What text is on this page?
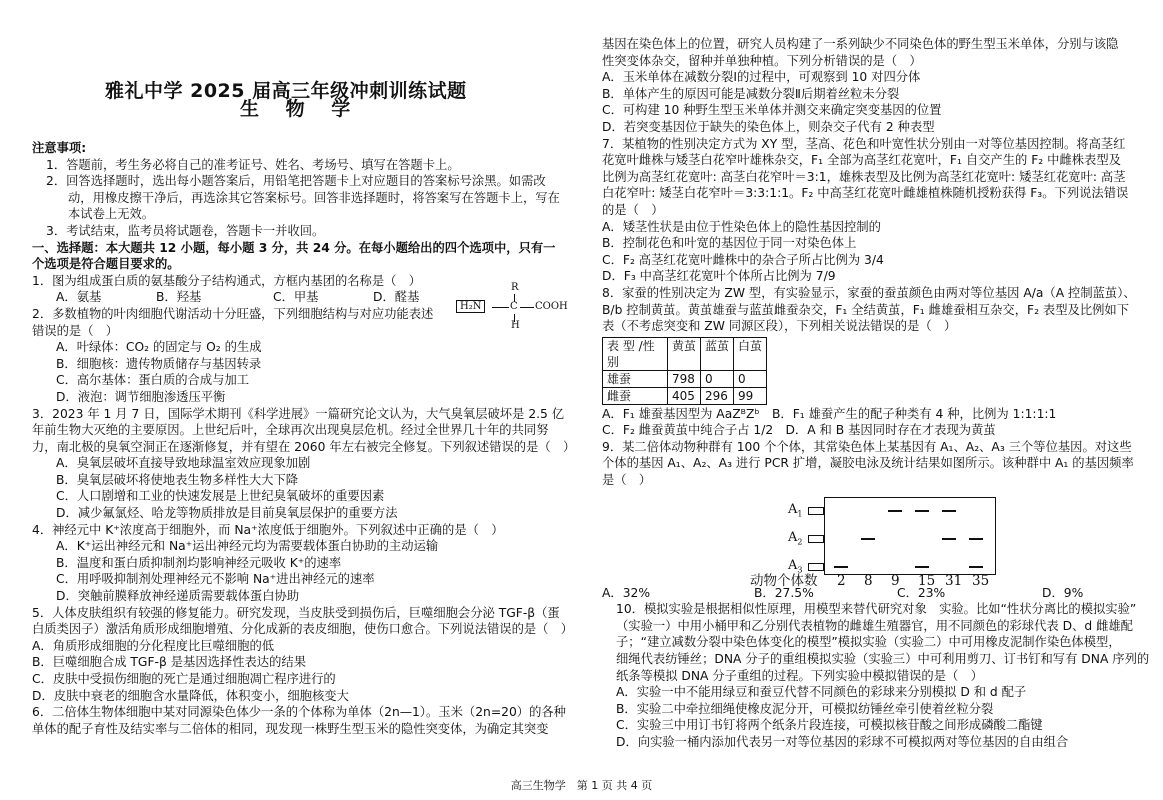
雅礼中学 2025 届高三年级冲刺训练试题
生 物 学
注意事项:
1．答题前，考生务必将自己的准考证号、姓名、考场号、填写在答题卡上。
2．回答选择题时，选出每小题答案后，用铅笔把答题卡上对应题目的答案标号涂黑。如需改
动，用橡皮擦干净后，再选涂其它答案标号。回答非选择题时，将答案写在答题卡上，写在
本试卷上无效。
3．考试结束，监考员将试题卷，答题卡一并收回。
一、选择题：本大题共 12 小题，每小题 3 分，共 24 分。在每小题给出的四个选项中，只有一
个选项是符合题目要求的。
1．图为组成蛋白质的氨基酸分子结构通式，方框内基团的名称是（　）
A．氨基	B．羟基	C．甲基	D．醛基
2．多数植物的叶肉细胞代谢活动十分旺盛，下列细胞结构与对应功能表述
错误的是（　）
A．叶绿体：CO₂ 的固定与 O₂ 的生成
B．细胞核：遗传物质储存与基因转录
C．高尔基体：蛋白质的合成与加工
D．液泡：调节细胞渗透压平衡
3．2023 年 1 月 7 日，国际学术期刊《科学进展》一篇研究论文认为，大气臭氧层破坏是 2.5 亿
年前生物大灭绝的主要原因。上世纪后叶，全球再次出现臭层危机。经过全世界几十年的共同努
力，南北极的臭氧空洞正在逐渐修复，并有望在 2060 年左右被完全修复。下列叙述错误的是（　）
A．臭氧层破坏直接导致地球温室效应现象加剧
B．臭氧层破坏将使地表生物多样性大大下降
C．人口剧增和工业的快速发展是上世纪臭氧破坏的重要因素
D．减少氟氯烃、哈龙等物质排放是目前臭氧层保护的重要方法
4．神经元中 K⁺浓度高于细胞外，而 Na⁺浓度低于细胞外。下列叙述中正确的是（　）
A．K⁺运出神经元和 Na⁺运出神经元均为需要载体蛋白协助的主动运输
B．温度和蛋白质抑制剂均影响神经元吸收 K⁺的速率
C．用呼吸抑制剂处理神经元不影响 Na⁺进出神经元的速率
D．突触前膜释放神经递质需要载体蛋白协助
5．人体皮肤组织有较强的修复能力。研究发现，当皮肤受到损伤后，巨噬细胞会分泌 TGF-β（蛋
白质类因子）激活角质形成细胞增殖、分化成新的表皮细胞，使伤口愈合。下列说法错误的是（　）
A．角质形成细胞的分化程度比巨噬细胞的低
B．巨噬细胞合成 TGF-β 是基因选择性表达的结果
C．皮肤中受损伤细胞的死亡是通过细胞凋亡程序进行的
D．皮肤中衰老的细胞含水量降低，体积变小，细胞核变大
6．二倍体生物体细胞中某对同源染色体少一条的个体称为单体（2n—1）。玉米（2n=20）的各种
单体的配子育性及结实率与二倍体的相同，现发现一株野生型玉米的隐性突变体，为确定其突变
R
H₂N	C COOH
H
基因在染色体上的位置，研究人员构建了一系列缺少不同染色体的野生型玉米单体，分别与该隐
性突变体杂交，留种并单独种植。下列分析错误的是（　）
A．玉米单体在减数分裂Ⅰ的过程中，可观察到 10 对四分体
B．单体产生的原因可能是减数分裂Ⅱ后期着丝粒未分裂
C．可构建 10 种野生型玉米单体并测交来确定突变基因的位置
D．若突变基因位于缺失的染色体上，则杂交子代有 2 种表型
7．某植物的性别决定方式为 XY 型，茎高、花色和叶宽性状分别由一对等位基因控制。将高茎红
花宽叶雌株与矮茎白花窄叶雄株杂交，F₁ 全部为高茎红花宽叶，F₁ 自交产生的 F₂ 中雌株表型及
比例为高茎红花宽叶: 高茎白花窄叶＝3:1，雄株表型及比例为高茎红花宽叶: 矮茎红花宽叶: 高茎
白花窄叶: 矮茎白花窄叶＝3:3:1:1。F₂ 中高茎红花宽叶雌雄植株随机授粉获得 F₃。下列说法错误
的是（　）
A．矮茎性状是由位于性染色体上的隐性基因控制的
B．控制花色和叶宽的基因位于同一对染色体上
C．F₂ 高茎红花宽叶雌株中的杂合子所占比例为 3/4
D．F₃ 中高茎红花宽叶个体所占比例为 7/9
8．家蚕的性别决定为 ZW 型，有实验显示，家蚕的蚕茧颜色由两对等位基因 A/a（A 控制蓝茧）、
B/b 控制黄茧。黄茧雄蚕与蓝茧雌蚕杂交，F₁ 全结黄茧，F₁ 雌雄蚕相互杂交，F₂ 表型及比例如下
表（不考虑突变和 ZW 同源区段），下列相关说法错误的是（　）
表 型 /性别	黄茧	蓝茧	白茧
雄蚕	798	0	0
雌蚕	405	296	99
A．F₁ 雄蚕基因型为 AaZᴮZᵇ　B．F₁ 雄蚕产生的配子种类有 4 种，比例为 1:1:1:1
C．F₂ 雌蚕黄茧中纯合子占 1/2　D．A 和 B 基因同时存在才表现为黄茧
9．某二倍体动物种群有 100 个个体，其常染色体上某基因有 A₁、A₂、A₃ 三个等位基因。对这些
个体的基因 A₁、A₂、A₃ 进行 PCR 扩增，凝胶电泳及统计结果如图所示。该种群中 A₁ 的基因频率
是（　）
$A_1$
$A_2$
$A_3$
2 8 9 15 31 35
动物个体数
A．32%	B．27.5%	C．23%	D．9%
10．模拟实验是根据相似性原理，用模型来替代研究对象　实验。比如“性状分离比的模拟实验”
（实验一）中用小桶甲和乙分别代表植物的雌雄生殖器官，用不同颜色的彩球代表 D、d 雌雄配
子；“建立减数分裂中染色体变化的模型”模拟实验（实验二）中可用橡皮泥制作染色体模型，
细绳代表纺锤丝；DNA 分子的重组模拟实验（实验三）中可利用剪刀、订书钉和写有 DNA 序列的
纸条等模拟 DNA 分子重组的过程。下列实验中模拟错误的是（　）
A．实验一中不能用绿豆和蚕豆代替不同颜色的彩球来分别模拟 D 和 d 配子
B．实验二中牵拉细绳使橡皮泥分开，可模拟纺锤丝牵引使着丝粒分裂
C．实验三中用订书钉将两个纸条片段连接，可模拟核苷酸之间形成磷酸二酯键
D．向实验一桶内添加代表另一对等位基因的彩球不可模拟两对等位基因的自由组合
高三生物学　第 1 页 共 4 页
